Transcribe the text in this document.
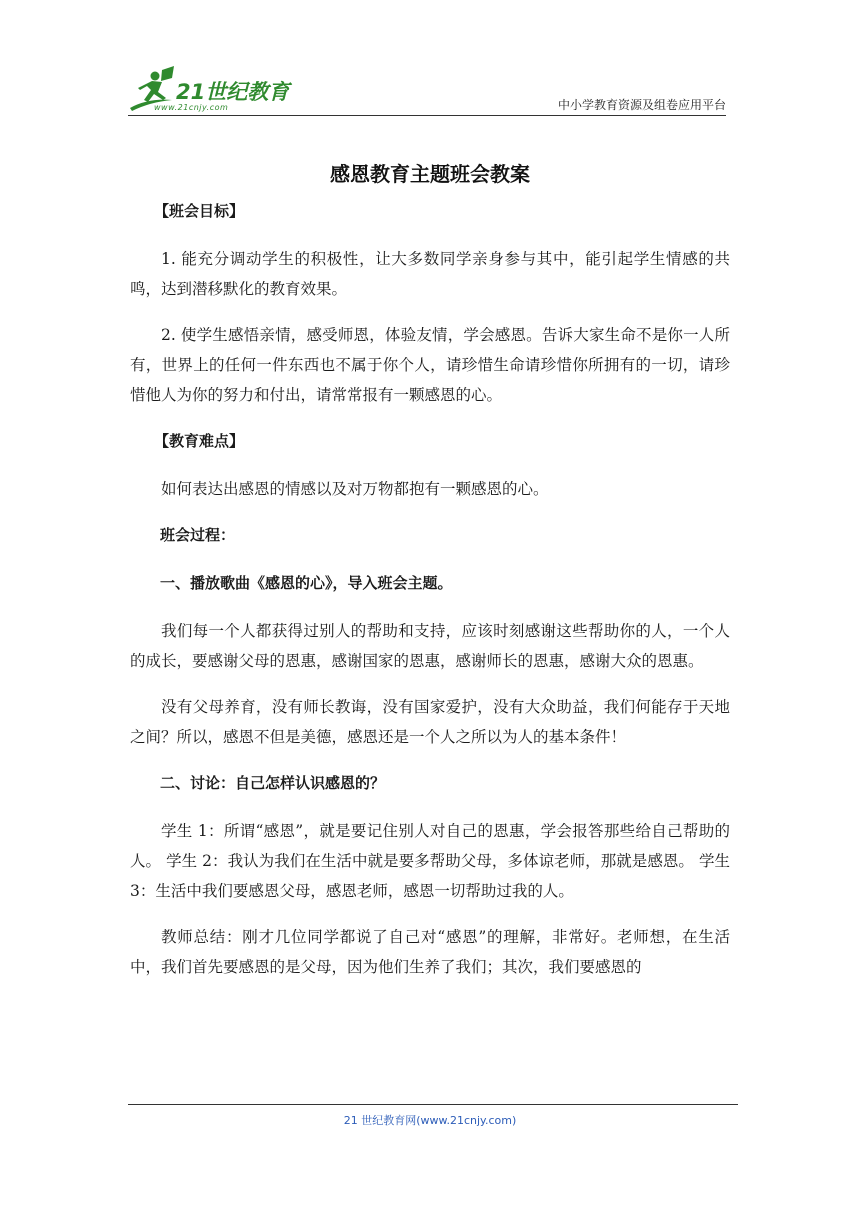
21世纪教育
www.21cnjy.com	中小学教育资源及组卷应用平台
感恩教育主题班会教案
【班会目标】

1. 能充分调动学生的积极性，让大多数同学亲身参与其中，能引起学生情感的共鸣，达到潜移默化的教育效果。

2. 使学生感悟亲情，感受师恩，体验友情，学会感恩。告诉大家生命不是你一人所有，世界上的任何一件东西也不属于你个人，请珍惜生命请珍惜你所拥有的一切，请珍惜他人为你的努力和付出，请常常报有一颗感恩的心。

【教育难点】

如何表达出感恩的情感以及对万物都抱有一颗感恩的心。

班会过程：
一、播放歌曲《感恩的心》，导入班会主题。

我们每一个人都获得过别人的帮助和支持，应该时刻感谢这些帮助你的人，一个人的成长，要感谢父母的恩惠，感谢国家的恩惠，感谢师长的恩惠，感谢大众的恩惠。

没有父母养育，没有师长教诲，没有国家爱护，没有大众助益，我们何能存于天地之间？所以，感恩不但是美德，感恩还是一个人之所以为人的基本条件！

二、讨论：自己怎样认识感恩的？

学生 1：所谓“感恩”，就是要记住别人对自己的恩惠，学会报答那些给自己帮助的人。 学生 2：我认为我们在生活中就是要多帮助父母，多体谅老师，那就是感恩。 学生 3：生活中我们要感恩父母，感恩老师，感恩一切帮助过我的人。

教师总结：刚才几位同学都说了自己对“感恩”的理解，非常好。老师想，在生活中，我们首先要感恩的是父母，因为他们生养了我们；其次，我们要感恩的

21 世纪教育网(www.21cnjy.com)
